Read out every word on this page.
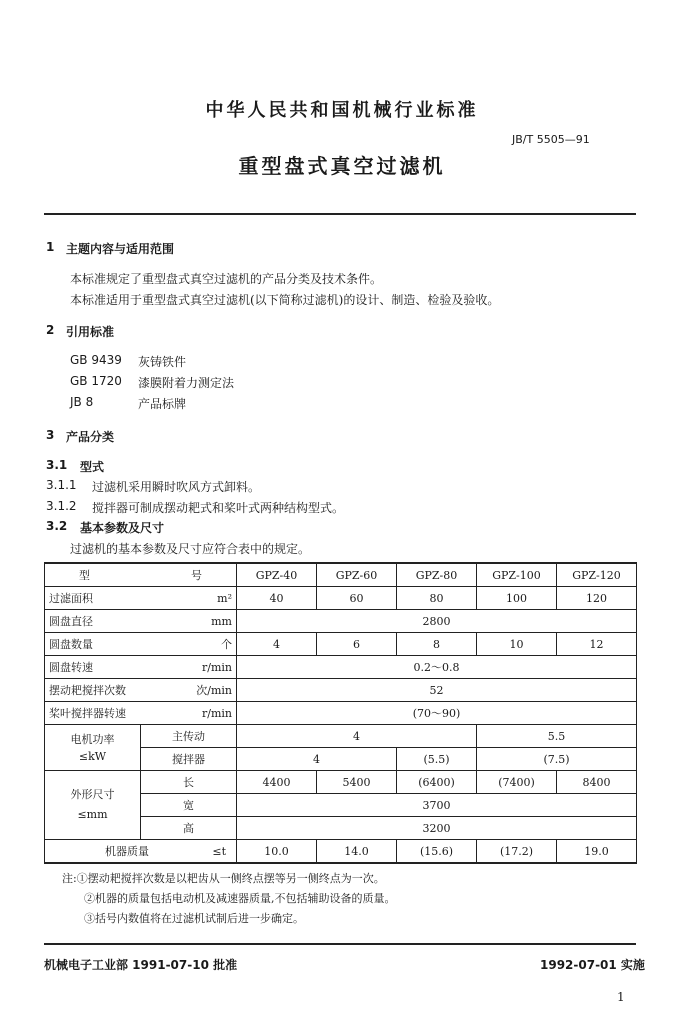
中华人民共和国机械行业标准
JB/T 5505—91
重型盘式真空过滤机
1 主题内容与适用范围
本标准规定了重型盘式真空过滤机的产品分类及技术条件。
本标准适用于重型盘式真空过滤机(以下简称过滤机)的设计、制造、检验及验收。
2 引用标准
GB 9439 灰铸铁件
GB 1720 漆膜附着力测定法
JB 8	产品标牌
3 产品分类
3.1 型式
3.1.1 过滤机采用瞬时吹风方式卸料。
3.1.2 搅拌器可制成摆动耙式和桨叶式两种结构型式。
3.2 基本参数及尺寸
过滤机的基本参数及尺寸应符合表中的规定。
型 号		GPZ-40	GPZ-60	GPZ-80	GPZ-100	GPZ-120

过滤面积 m²		40	60	80	100	120

圆盘直径 mm		2800				

圆盘数量 个		4	6	8	10	12

圆盘转速 r/min		0.2～0.8				

摆动耙搅拌次数 次/min		52				

桨叶搅拌器转速 r/min		(70～90)				

电机功率
≤kW	主传动	4			5.5	
	搅拌器	4		(5.5)	(7.5)	

外形尺寸
≤mm	长	4400	5400	(6400)	(7400)	8400
	宽	3700				
	高	3200				

机器质量 ≤t		10.0	14.0	(15.6)	(17.2)	19.0
注:①摆动耙搅拌次数是以耙齿从一侧终点摆等另一侧终点为一次。
②机器的质量包括电动机及减速器质量,不包括辅助设备的质量。
③括号内数值将在过滤机试制后进一步确定。
机械电子工业部 1991-07-10 批准	1992-07-01 实施
1
